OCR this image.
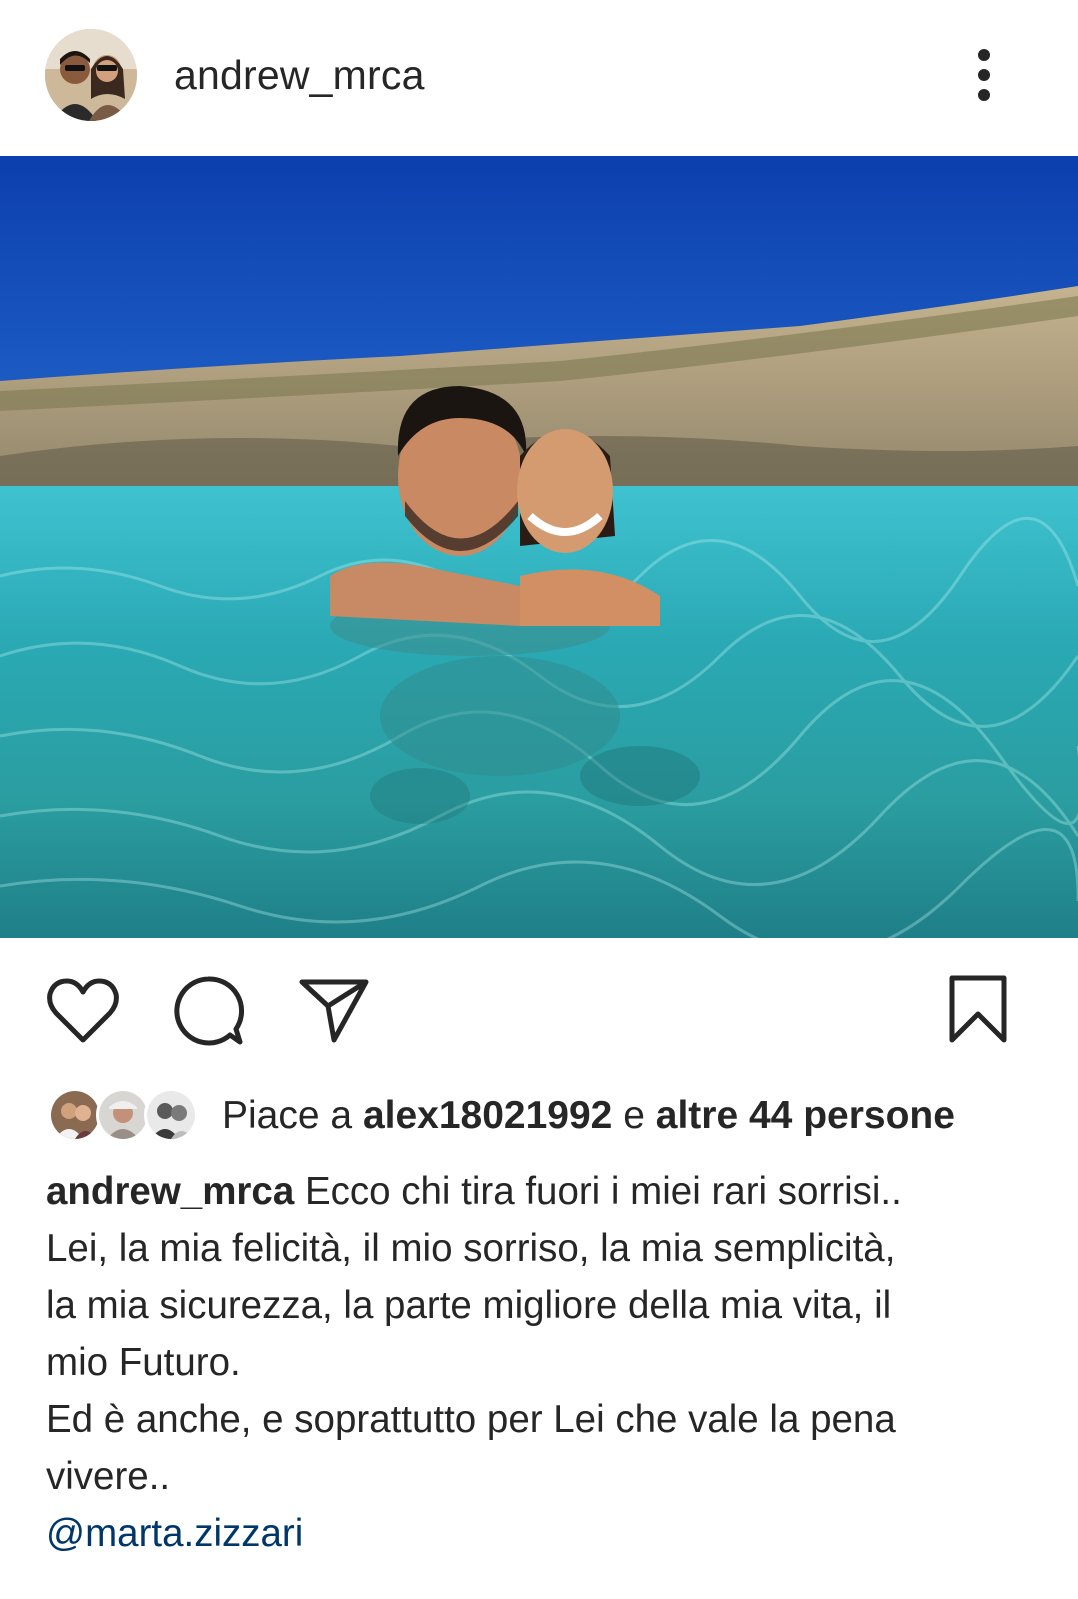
andrew_mrca
Piace a alex18021992 e altre 44 persone
andrew_mrca Ecco chi tira fuori i miei rari sorrisi..
Lei, la mia felicità, il mio sorriso, la mia semplicità,
la mia sicurezza, la parte migliore della mia vita, il
mio Futuro.
Ed è anche, e soprattutto per Lei che vale la pena
vivere..
@marta.zizzari
